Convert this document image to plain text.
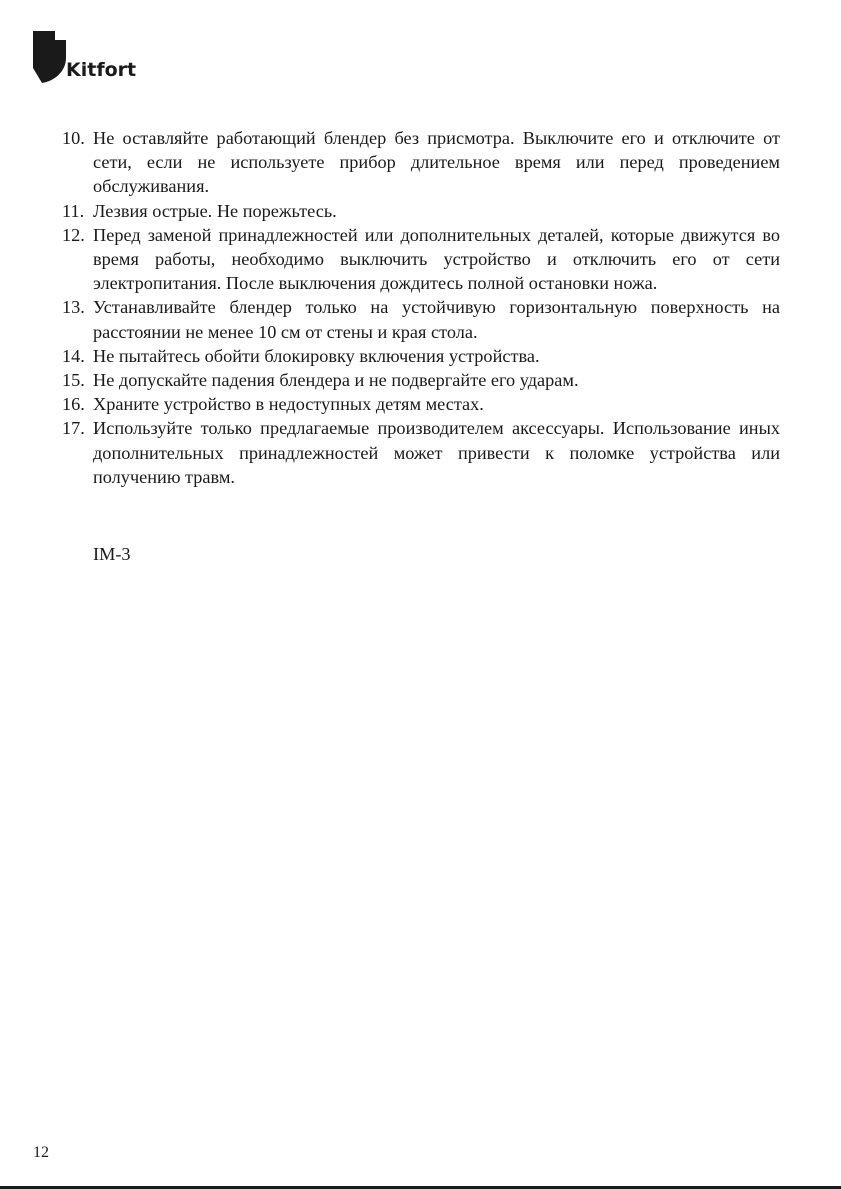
Kitfort
10. Не оставляйте работающий блендер без присмотра. Выключите его и отключите от сети, если не используете прибор длительное время или перед проведением обслуживания.
11. Лезвия острые. Не порежьтесь.
12. Перед заменой принадлежностей или дополнительных деталей, которые движутся во время работы, необходимо выключить устройство и отключить его от сети электропитания. После выключения дождитесь полной остановки ножа.
13. Устанавливайте блендер только на устойчивую горизонтальную поверхность на расстоянии не менее 10 см от стены и края стола.
14. Не пытайтесь обойти блокировку включения устройства.
15. Не допускайте падения блендера и не подвергайте его ударам.
16. Храните устройство в недоступных детям местах.
17. Используйте только предлагаемые производителем аксессуары. Использование иных дополнительных принадлежностей может привести к поломке устройства или получению травм.
IM-3
12
